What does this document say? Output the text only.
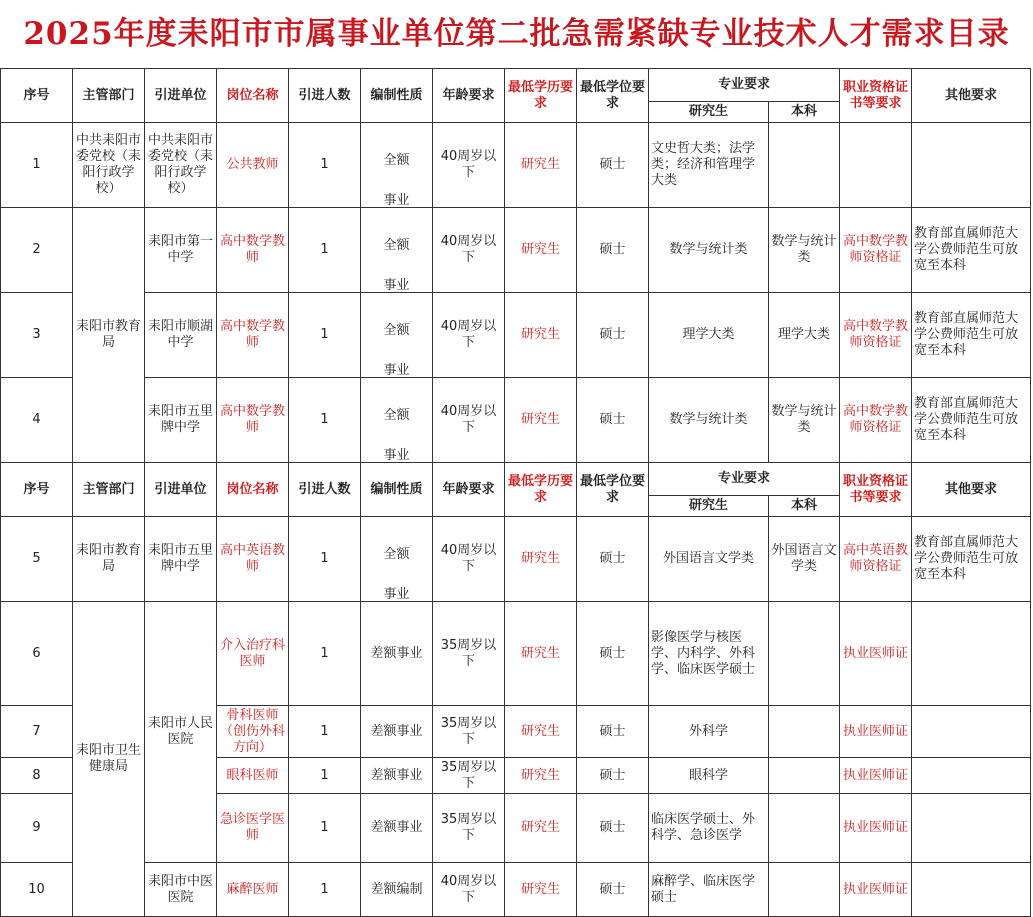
2025年度耒阳市市属事业单位第二批急需紧缺专业技术人才需求目录
序号	主管部门	引进单位	岗位名称	引进人数	编制性质	年龄要求	最低学历要求	最低学位要求	专业要求		职业资格证书等要求	其他要求
									研究生	本科		
1	中共耒阳市委党校（耒阳行政学校）	中共耒阳市委党校（耒阳行政学校）	公共教师	1	全额
事业	40周岁以下	研究生	硕士	文史哲大类；法学类；经济和管理学大类			
2	耒阳市教育局	耒阳市第一中学	高中数学教师	1	全额
事业	40周岁以下	研究生	硕士	数学与统计类	数学与统计类	高中数学教师资格证	教育部直属师范大学公费师范生可放宽至本科
3		耒阳市顺湖中学	高中数学教师	1	全额
事业	40周岁以下	研究生	硕士	理学大类	理学大类	高中数学教师资格证	教育部直属师范大学公费师范生可放宽至本科
4		耒阳市五里牌中学	高中数学教师	1	全额
事业	40周岁以下	研究生	硕士	数学与统计类	数学与统计类	高中数学教师资格证	教育部直属师范大学公费师范生可放宽至本科
序号	主管部门	引进单位	岗位名称	引进人数	编制性质	年龄要求	最低学历要求	最低学位要求	专业要求		职业资格证书等要求	其他要求
									研究生	本科		
5	耒阳市教育局	耒阳市五里牌中学	高中英语教师	1	全额
事业	40周岁以下	研究生	硕士	外国语言文学类	外国语言文学类	高中英语教师资格证	教育部直属师范大学公费师范生可放宽至本科
6	耒阳市卫生健康局	耒阳市人民医院	介入治疗科医师	1	差额事业	35周岁以下	研究生	硕士	影像医学与核医学、内科学、外科学、临床医学硕士		执业医师证	
7			骨科医师（创伤外科方向）	1	差额事业	35周岁以下	研究生	硕士	外科学		执业医师证	
8			眼科医师	1	差额事业	35周岁以下	研究生	硕士	眼科学		执业医师证	
9			急诊医学医师	1	差额事业	35周岁以下	研究生	硕士	临床医学硕士、外科学、急诊医学		执业医师证	
10		耒阳市中医医院	麻醉医师	1	差额编制	40周岁以下	研究生	硕士	麻醉学、临床医学硕士		执业医师证	
